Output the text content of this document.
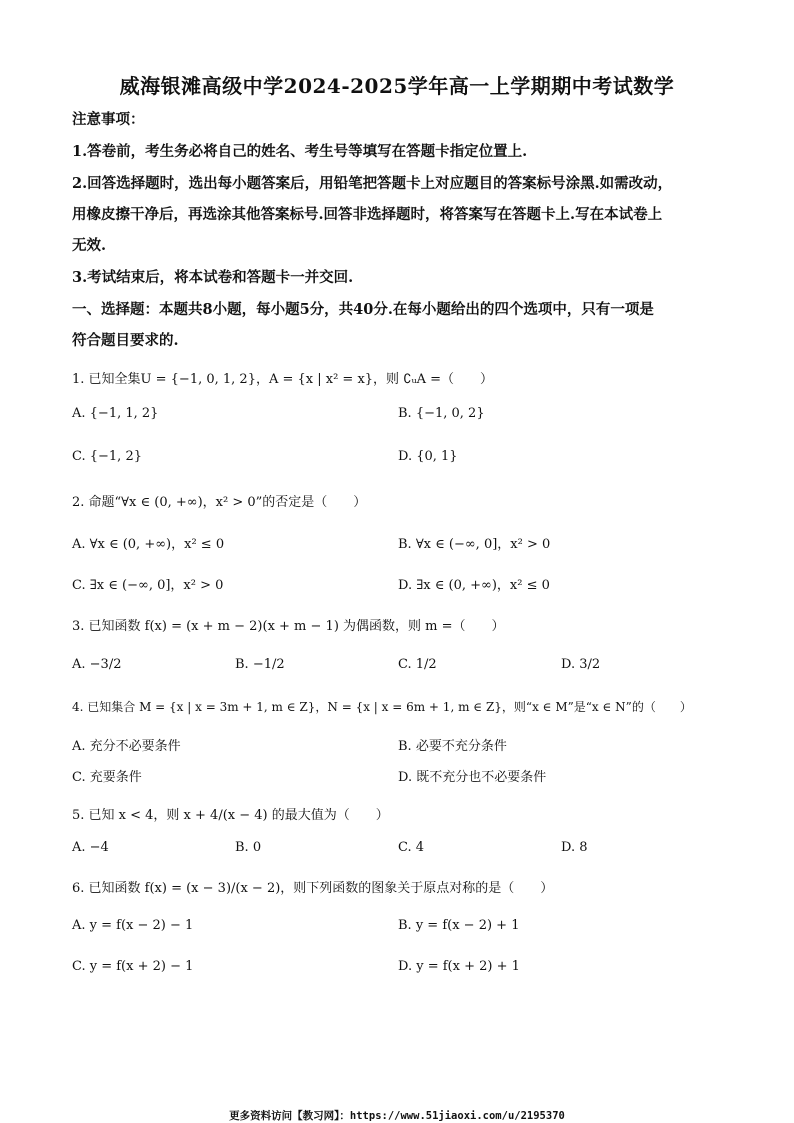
威海银滩高级中学2024-2025学年高一上学期期中考试数学
注意事项：
1.答卷前，考生务必将自己的姓名、考生号等填写在答题卡指定位置上.
2.回答选择题时，选出每小题答案后，用铅笔把答题卡上对应题目的答案标号涂黑.如需改动，
用橡皮擦干净后，再选涂其他答案标号.回答非选择题时，将答案写在答题卡上.写在本试卷上
无效.
3.考试结束后，将本试卷和答题卡一并交回.
一、选择题：本题共8小题，每小题5分，共40分.在每小题给出的四个选项中，只有一项是
符合题目要求的.
1. 已知全集U = {−1, 0, 1, 2}，A = {x | x² = x}，则 ∁ᵤA =（　　）
A. {−1, 1, 2}	B. {−1, 0, 2}
C. {−1, 2}	D. {0, 1}
2. 命题“∀x ∈ (0, +∞)，x² > 0”的否定是（　　）
A. ∀x ∈ (0, +∞)，x² ≤ 0	B. ∀x ∈ (−∞, 0]，x² > 0
C. ∃x ∈ (−∞, 0]，x² > 0	D. ∃x ∈ (0, +∞)，x² ≤ 0
3. 已知函数 f(x) = (x + m − 2)(x + m − 1) 为偶函数，则 m =（　　）
A. −3/2	B. −1/2	C. 1/2	D. 3/2
4. 已知集合 M = {x | x = 3m + 1, m ∈ Z}，N = {x | x = 6m + 1, m ∈ Z}，则“x ∈ M”是“x ∈ N”的（　　）
A. 充分不必要条件	B. 必要不充分条件
C. 充要条件	D. 既不充分也不必要条件
5. 已知 x < 4，则 x + 4/(x − 4) 的最大值为（　　）
A. −4	B. 0	C. 4	D. 8
6. 已知函数 f(x) = (x − 3)/(x − 2)，则下列函数的图象关于原点对称的是（　　）
A. y = f(x − 2) − 1	B. y = f(x − 2) + 1
C. y = f(x + 2) − 1	D. y = f(x + 2) + 1
更多资料访问【教习网】：https://www.51jiaoxi.com/u/2195370
